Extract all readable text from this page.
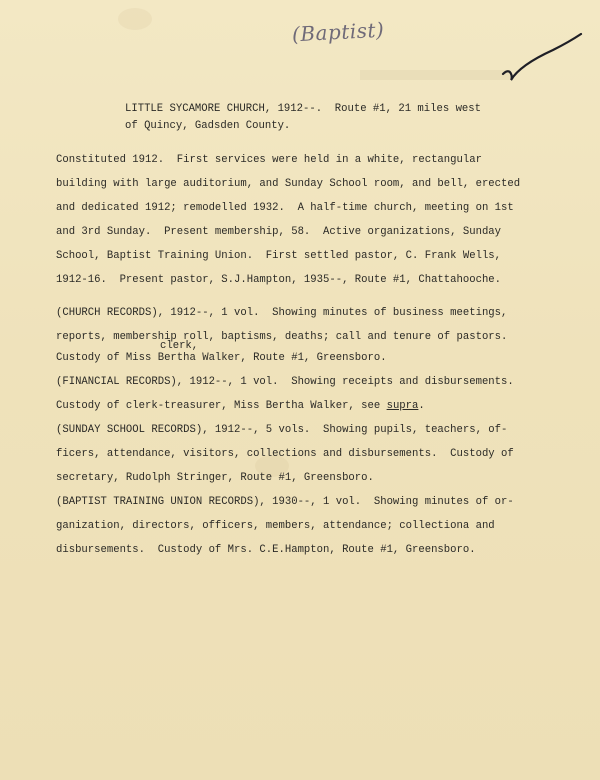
(Baptist)
LITTLE SYCAMORE CHURCH, 1912--.  Route #1, 21 miles west
of Quincy, Gadsden County.
Constituted 1912.  First services were held in a white, rectangular
building with large auditorium, and Sunday School room, and bell, erected
and dedicated 1912; remodelled 1932.  A half-time church, meeting on 1st
and 3rd Sunday.  Present membership, 58.  Active organizations, Sunday
School, Baptist Training Union.  First settled pastor, C. Frank Wells,
1912-16.  Present pastor, S.J.Hampton, 1935--, Route #1, Chattahooche.
(CHURCH RECORDS), 1912--, 1 vol.  Showing minutes of business meetings,
reports, membership roll, baptisms, deaths; call and tenure of pastors.
clerk,
Custody of Miss Bertha Walker, Route #1, Greensboro.
(FINANCIAL RECORDS), 1912--, 1 vol.  Showing receipts and disbursements.
Custody of clerk-treasurer, Miss Bertha Walker, see supra.
(SUNDAY SCHOOL RECORDS), 1912--, 5 vols.  Showing pupils, teachers, of-
ficers, attendance, visitors, collections and disbursements.  Custody of
secretary, Rudolph Stringer, Route #1, Greensboro.
(BAPTIST TRAINING UNION RECORDS), 1930--, 1 vol.  Showing minutes of or-
ganization, directors, officers, members, attendance; collectiona and
disbursements.  Custody of Mrs. C.E.Hampton, Route #1, Greensboro.
